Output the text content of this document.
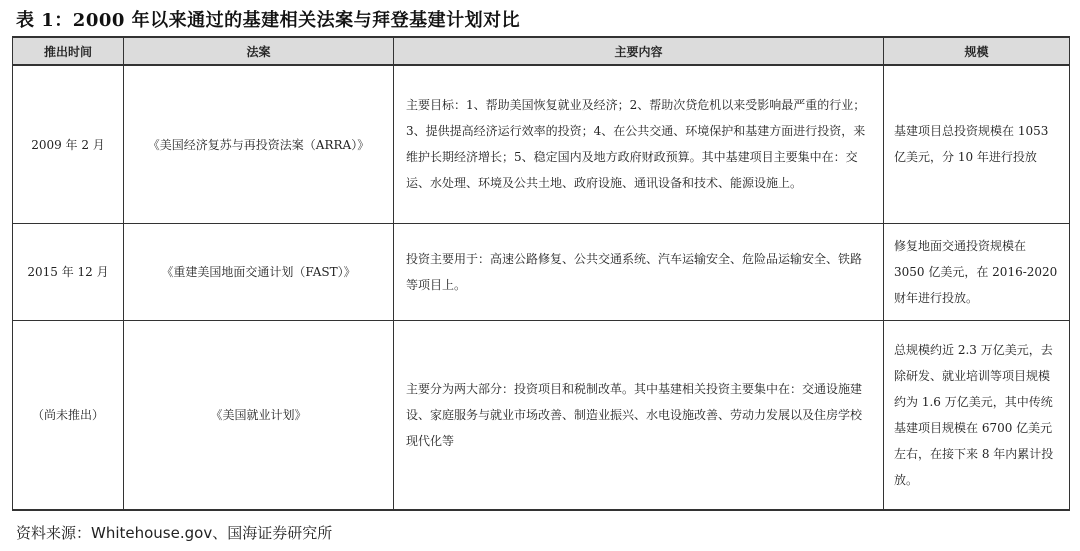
表 1：2000 年以来通过的基建相关法案与拜登基建计划对比
推出时间	法案	主要内容	规模
2009 年 2 月	《美国经济复苏与再投资法案（ARRA）》	主要目标：1、帮助美国恢复就业及经济；2、帮助次贷危机以来受影响最严重的行业；3、提供提高经济运行效率的投资；4、在公共交通、环境保护和基建方面进行投资，来维护长期经济增长；5、稳定国内及地方政府财政预算。其中基建项目主要集中在：交运、水处理、环境及公共土地、政府设施、通讯设备和技术、能源设施上。	基建项目总投资规模在 1053 亿美元，分 10 年进行投放
2015 年 12 月	《重建美国地面交通计划（FAST）》	投资主要用于：高速公路修复、公共交通系统、汽车运输安全、危险品运输安全、铁路等项目上。	修复地面交通投资规模在 3050 亿美元，在 2016-2020 财年进行投放。
（尚未推出）	《美国就业计划》	主要分为两大部分：投资项目和税制改革。其中基建相关投资主要集中在：交通设施建设、家庭服务与就业市场改善、制造业振兴、水电设施改善、劳动力发展以及住房学校现代化等	总规模约近 2.3 万亿美元，去除研发、就业培训等项目规模约为 1.6 万亿美元，其中传统基建项目规模在 6700 亿美元左右，在接下来 8 年内累计投放。
资料来源：Whitehouse.gov、国海证券研究所
